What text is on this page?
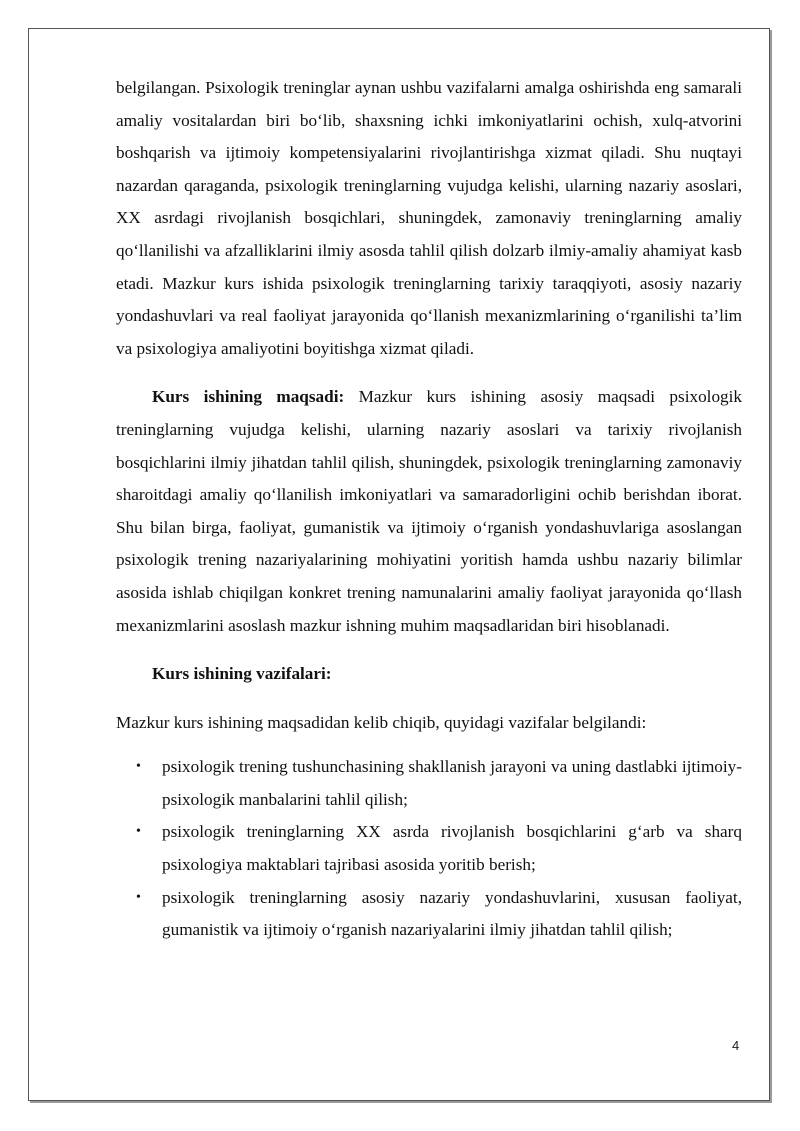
belgilangan. Psixologik treninglar aynan ushbu vazifalarni amalga oshirishda eng samarali amaliy vositalardan biri bo‘lib, shaxsning ichki imkoniyatlarini ochish, xulq-atvorini boshqarish va ijtimoiy kompetensiyalarini rivojlantirishga xizmat qiladi. Shu nuqtayi nazardan qaraganda, psixologik treninglarning vujudga kelishi, ularning nazariy asoslari, XX asrdagi rivojlanish bosqichlari, shuningdek, zamonaviy treninglarning amaliy qo‘llanilishi va afzalliklarini ilmiy asosda tahlil qilish dolzarb ilmiy-amaliy ahamiyat kasb etadi. Mazkur kurs ishida psixologik treninglarning tarixiy taraqqiyoti, asosiy nazariy yondashuvlari va real faoliyat jarayonida qo‘llanish mexanizmlarining o‘rganilishi ta’lim va psixologiya amaliyotini boyitishga xizmat qiladi.

Kurs ishining maqsadi: Mazkur kurs ishining asosiy maqsadi psixologik treninglarning vujudga kelishi, ularning nazariy asoslari va tarixiy rivojlanish bosqichlarini ilmiy jihatdan tahlil qilish, shuningdek, psixologik treninglarning zamonaviy sharoitdagi amaliy qo‘llanilish imkoniyatlari va samaradorligini ochib berishdan iborat. Shu bilan birga, faoliyat, gumanistik va ijtimoiy o‘rganish yondashuvlariga asoslangan psixologik trening nazariyalarining mohiyatini yoritish hamda ushbu nazariy bilimlar asosida ishlab chiqilgan konkret trening namunalarini amaliy faoliyat jarayonida qo‘llash mexanizmlarini asoslash mazkur ishning muhim maqsadlaridan biri hisoblanadi.

Kurs ishining vazifalari:

Mazkur kurs ishining maqsadidan kelib chiqib, quyidagi vazifalar belgilandi:

• psixologik trening tushunchasining shakllanish jarayoni va uning dastlabki ijtimoiy-psixologik manbalarini tahlil qilish;
• psixologik treninglarning XX asrda rivojlanish bosqichlarini g‘arb va sharq psixologiya maktablari tajribasi asosida yoritib berish;
• psixologik treninglarning asosiy nazariy yondashuvlarini, xususan faoliyat, gumanistik va ijtimoiy o‘rganish nazariyalarini ilmiy jihatdan tahlil qilish;
4
